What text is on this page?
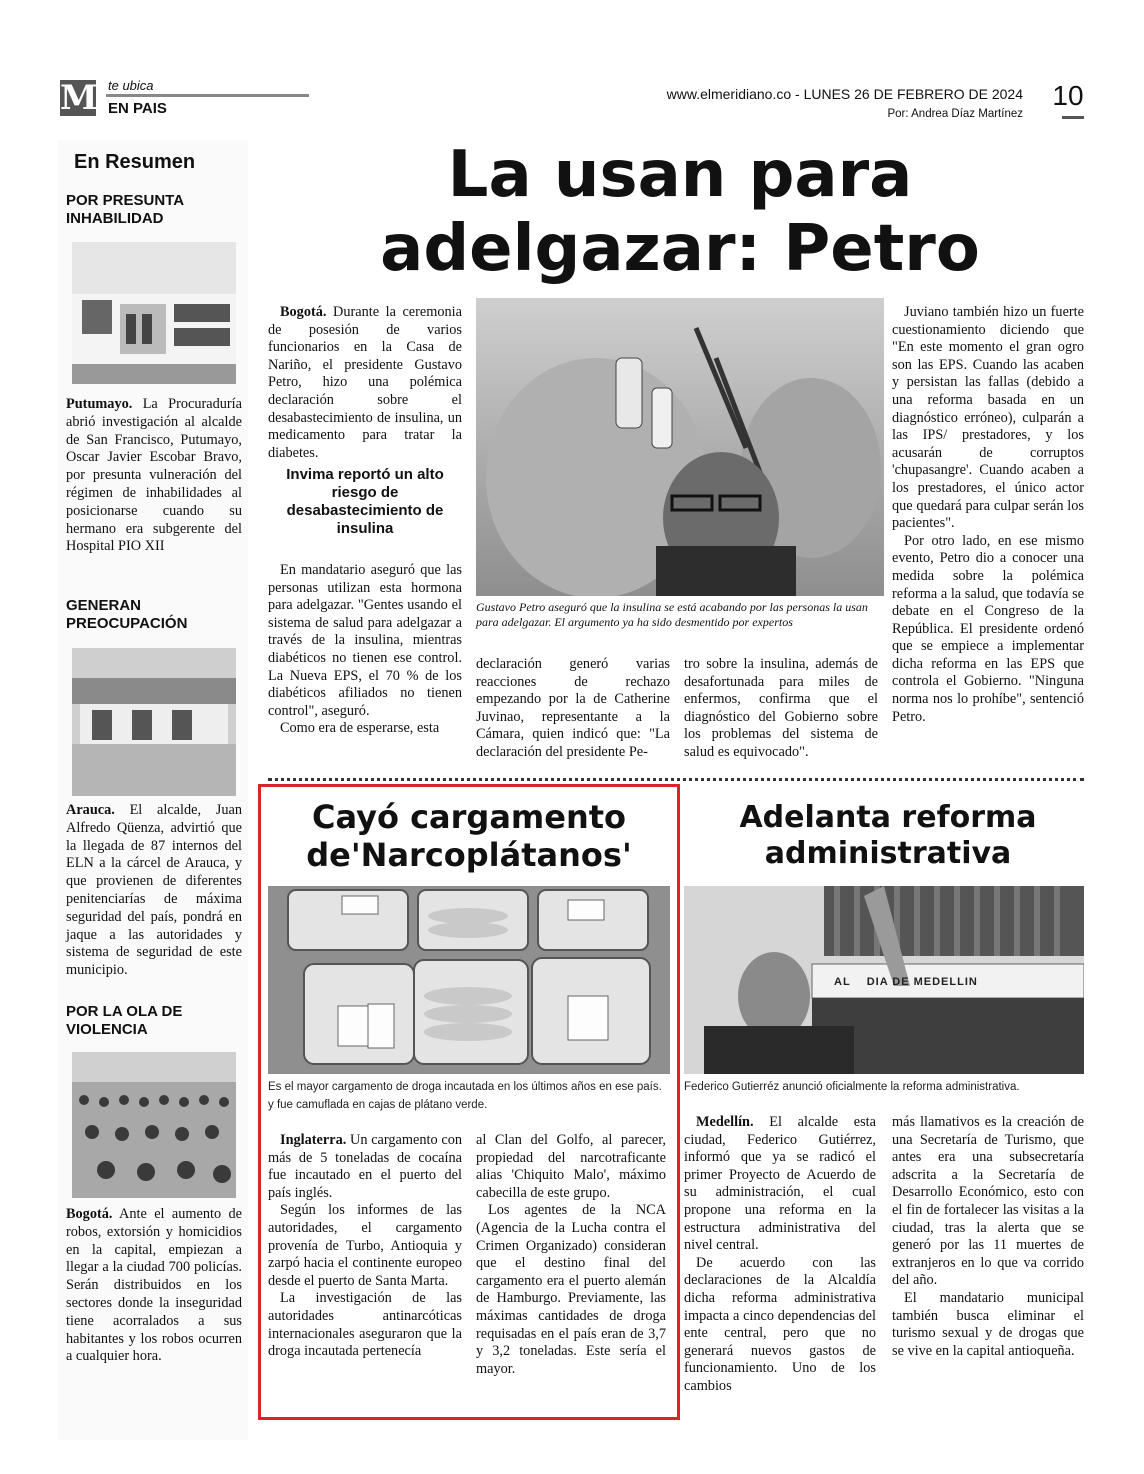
M te ubica
EN PAIS
www.elmeridiano.co - LUNES 26 DE FEBRERO DE 2024
Por: Andrea Díaz Martínez
10
En Resumen
POR PRESUNTA INHABILIDAD
Putumayo. La Procuraduría abrió investigación al alcalde de San Francisco, Putumayo, Oscar Javier Escobar Bravo, por presunta vulneración del régimen de inhabilidades al posicionarse cuando su hermano era subgerente del Hospital PIO XII
GENERAN PREOCUPACIÓN
Arauca. El alcalde, Juan Alfredo Qüenza, advirtió que la llegada de 87 internos del ELN a la cárcel de Arauca, y que provienen de diferentes penitenciarías de máxima seguridad del país, pondrá en jaque a las autoridades y sistema de seguridad de este municipio.
POR LA OLA DE VIOLENCIA
Bogotá. Ante el aumento de robos, extorsión y homicidios en la capital, empiezan a llegar a la ciudad 700 policías. Serán distribuidos en los sectores donde la inseguridad tiene acorralados a sus habitantes y los robos ocurren a cualquier hora.
La usan para
adelgazar: Petro

Bogotá. Durante la ceremonia de posesión de varios funcionarios en la Casa de Nariño, el presidente Gustavo Petro, hizo una polémica declaración sobre el desabastecimiento de insulina, un medicamento para tratar la diabetes.

Invima reportó un alto riesgo de desabastecimiento de insulina

En mandatario aseguró que las personas utilizan esta hormona para adelgazar. "Gentes usando el sistema de salud para adelgazar a través de la insulina, mientras diabéticos no tienen ese control. La Nueva EPS, el 70 % de los diabéticos afiliados no tienen control", aseguró.

Como era de esperarse, esta

Gustavo Petro aseguró que la insulina se está acabando por las personas la usan para adelgazar. El argumento ya ha sido desmentido por expertos

declaración generó varias reacciones de rechazo empezando por la de Catherine Juvinao, representante a la Cámara, quien indicó que: "La declaración del presidente Pe-

tro sobre la insulina, además de desafortunada para miles de enfermos, confirma que el diagnóstico del Gobierno sobre los problemas del sistema de salud es equivocado".

Juviano también hizo un fuerte cuestionamiento diciendo que "En este momento el gran ogro son las EPS. Cuando las acaben y persistan las fallas (debido a una reforma basada en un diagnóstico erróneo), culparán a las IPS/ prestadores, y los acusarán de corruptos 'chupasangre'. Cuando acaben a los prestadores, el único actor que quedará para culpar serán los pacientes".

Por otro lado, en ese mismo evento, Petro dio a conocer una medida sobre la polémica reforma a la salud, que todavía se debate en el Congreso de la República. El presidente ordenó que se empiece a implementar dicha reforma en las EPS que controla el Gobierno. "Ninguna norma nos lo prohíbe", sentenció Petro.

Cayó cargamento
de'Narcoplátanos'
Es el mayor cargamento de droga incautada en los últimos años en ese país. y fue camuflada en cajas de plátano verde.

Inglaterra. Un cargamento con más de 5 toneladas de cocaína fue incautado en el puerto del país inglés.

Según los informes de las autoridades, el cargamento provenía de Turbo, Antioquia y zarpó hacia el continente europeo desde el puerto de Santa Marta.

La investigación de las autoridades antinarcóticas internacionales aseguraron que la droga incautada pertenecía

al Clan del Golfo, al parecer, propiedad del narcotraficante alias 'Chiquito Malo', máximo cabecilla de este grupo.

Los agentes de la NCA (Agencia de la Lucha contra el Crimen Organizado) consideran que el destino final del cargamento era el puerto alemán de Hamburgo. Previamente, las máximas cantidades de droga requisadas en el país eran de 3,7 y 3,2 toneladas. Este sería el mayor.

Adelanta reforma
administrativa
AL    DIA DE MEDELLIN
Federico Gutierréz anunció oficialmente la reforma administrativa.

Medellín. El alcalde esta ciudad, Federico Gutiérrez, informó que ya se radicó el primer Proyecto de Acuerdo de su administración, el cual propone una reforma en la estructura administrativa del nivel central.

De acuerdo con las declaraciones de la Alcaldía dicha reforma administrativa impacta a cinco dependencias del ente central, pero que no generará nuevos gastos de funcionamiento. Uno de los cambios

más llamativos es la creación de una Secretaría de Turismo, que antes era una subsecretaría adscrita a la Secretaría de Desarrollo Económico, esto con el fin de fortalecer las visitas a la ciudad, tras la alerta que se generó por las 11 muertes de extranjeros en lo que va corrido del año.

El mandatario municipal también busca eliminar el turismo sexual y de drogas que se vive en la capital antioqueña.
